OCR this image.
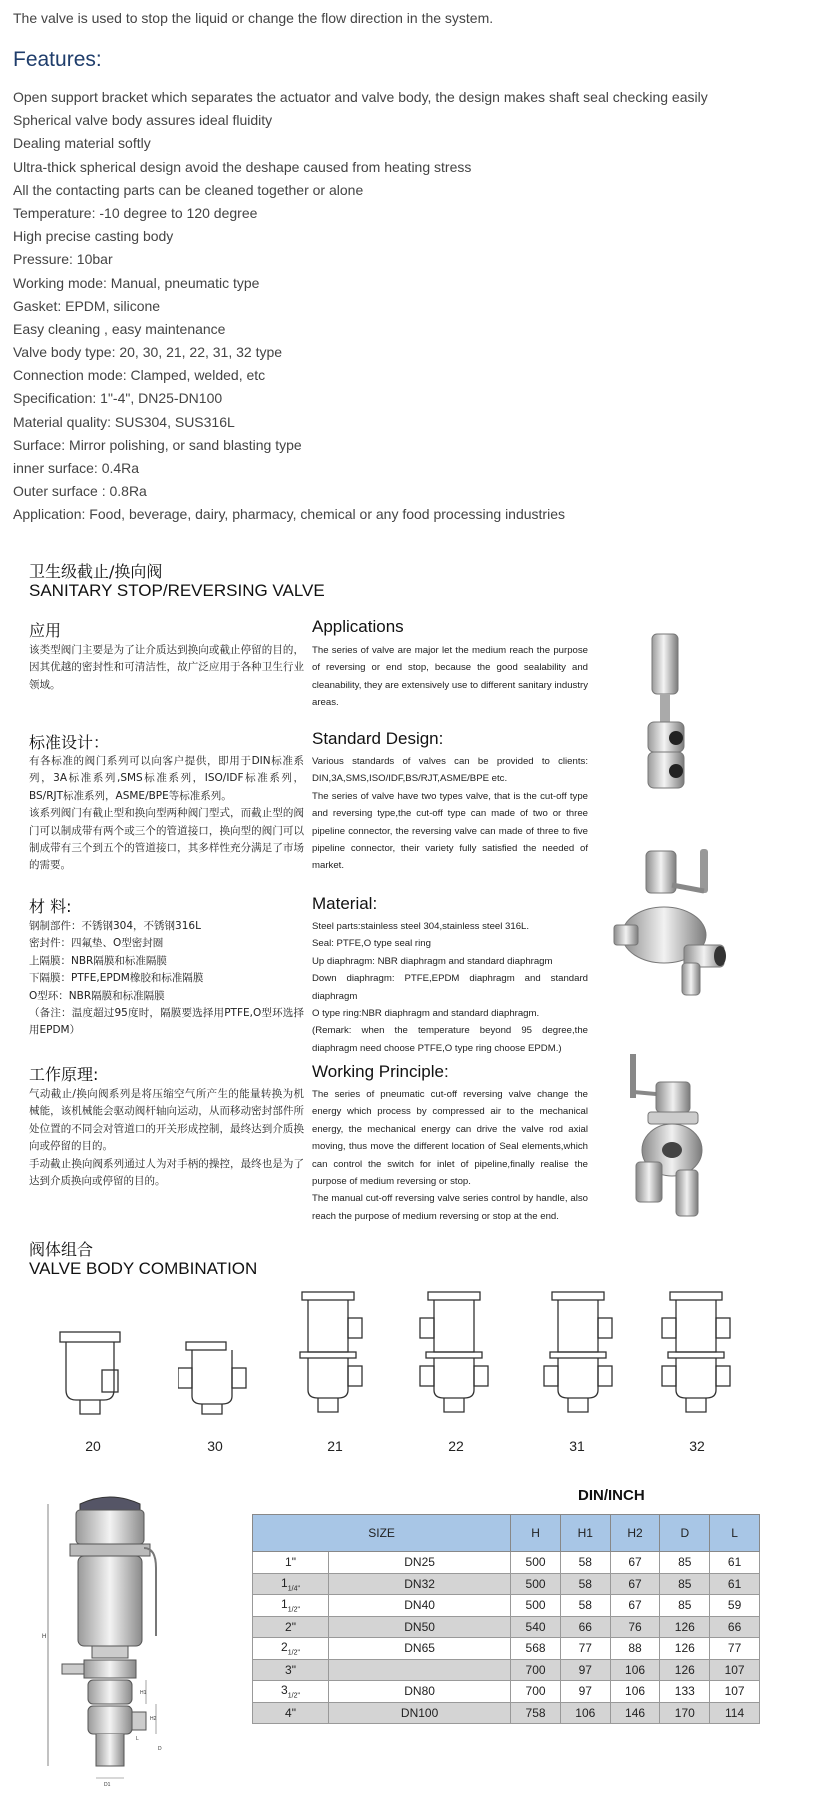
The valve is used to stop the liquid or change the flow direction in the system.
Features:
Open support bracket which separates the actuator and valve body, the design makes shaft seal checking easily
Spherical valve body assures ideal fluidity
Dealing material softly
Ultra-thick spherical design avoid the deshape caused from heating stress
All the contacting parts can be cleaned together or alone
Temperature: -10 degree to 120 degree
High precise casting body
Pressure: 10bar
Working mode: Manual, pneumatic type
Gasket: EPDM, silicone
Easy cleaning , easy maintenance
Valve body type: 20, 30, 21, 22, 31, 32 type
Connection mode: Clamped, welded, etc
Specification: 1"-4", DN25-DN100
Material quality: SUS304, SUS316L
Surface: Mirror polishing, or sand blasting type
inner surface: 0.4Ra
Outer surface : 0.8Ra
Application: Food, beverage, dairy, pharmacy, chemical or any food processing industries
卫生级截止/换向阀
SANITARY STOP/REVERSING VALVE
应用	Applications
该类型阀门主要是为了让介质达到换向或截止停留的目的，因其优越的密封性和可清洁性，故广泛应用于各种卫生行业领域。
The series of valve are major let the medium reach the purpose of reversing or end stop, because the good sealability and cleanability, they are extensively use to different sanitary industry areas.
标准设计：	Standard Design:
有各标准的阀门系列可以向客户提供，即用于DIN标准系列，3A标准系列,SMS标准系列，ISO/IDF标准系列，BS/RJT标准系列，ASME/BPE等标准系列。
该系列阀门有截止型和换向型两种阀门型式，而截止型的阀门可以制成带有两个或三个的管道接口，换向型的阀门可以制成带有三个到五个的管道接口，其多样性充分满足了市场的需要。
Various standards of valves can be provided to clients: DIN,3A,SMS,ISO/IDF,BS/RJT,ASME/BPE etc.
The series of valve have two types valve, that is the cut-off type and reversing type,the cut-off type can made of two or three pipeline connector, the reversing valve can made of three to five pipeline connector, their variety fully satisfied the needed of market.
材 料:	Material:
钢制部件：不锈钢304，不锈钢316L
密封件：四氟垫、O型密封圈
上隔膜：NBR隔膜和标准隔膜
下隔膜：PTFE,EPDM橡胶和标准隔膜
O型环：NBR隔膜和标准隔膜
（备注：温度超过95度时，隔膜要选择用PTFE,O型环选择用EPDM）
Steel parts:stainless steel 304,stainless steel 316L.
Seal: PTFE,O type seal ring
Up diaphragm: NBR diaphragm and standard diaphragm
Down diaphragm: PTFE,EPDM diaphragm and standard diaphragm
O type ring:NBR diaphragm and standard diaphragm.
(Remark: when the temperature beyond 95 degree,the diaphragm need choose PTFE,O type ring choose EPDM.)
工作原理:	Working Principle:
气动截止/换向阀系列是将压缩空气所产生的能量转换为机械能，该机械能会驱动阀杆轴向运动，从而移动密封部件所处位置的不同会对管道口的开关形成控制，最终达到介质换向或停留的目的。
手动截止换向阀系列通过人为对手柄的操控，最终也是为了达到介质换向或停留的目的。
The series of pneumatic cut-off reversing valve change the energy which process by compressed air to the mechanical energy, the mechanical energy can drive the valve rod axial moving, thus move the different location of Seal elements,which can control the switch for inlet of pipeline,finally realise the purpose of medium reversing or stop.
The manual cut-off reversing valve series control by handle, also reach the purpose of medium reversing or stop at the end.
阀体组合
VALVE BODY COMBINATION
20	30	21	22	31	32
H
H1
H2
L
D
D1
DIN/INCH
SIZE		H	H1	H2	D	L
1"	DN25	500	58	67	85	61
$1_{1/4"}$	DN32	500	58	67	85	61
$1_{1/2"}$	DN40	500	58	67	85	59
2"	DN50	540	66	76	126	66
$2_{1/2"}$	DN65	568	77	88	126	77
3"		700	97	106	126	107
$3_{1/2"}$	DN80	700	97	106	133	107
4"	DN100	758	106	146	170	114
